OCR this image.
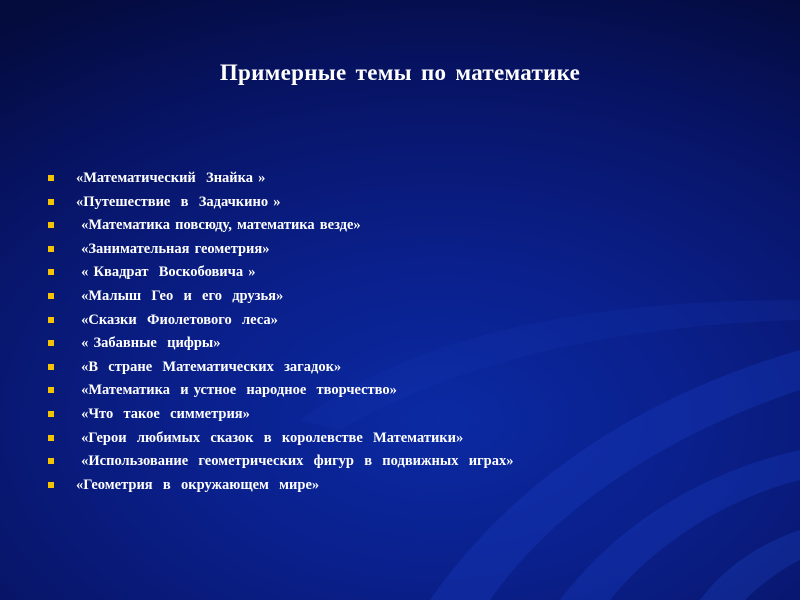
Примерные темы по математике

«Математический  Знайка »

«Путешествие  в  Задачкино »

«Математика повсюду, математика везде»

«Занимательная геометрия»

« Квадрат  Воскобовича »

«Малыш  Гео  и  его  друзья»

«Сказки  Фиолетового  леса»

« Забавные  цифры»

«В  стране  Математических  загадок»

«Математика  и устное  народное  творчество»

«Что  такое  симметрия»

«Герои  любимых  сказок  в  королевстве  Математики»

«Использование  геометрических  фигур  в  подвижных  играх»

«Геометрия  в  окружающем  мире»
